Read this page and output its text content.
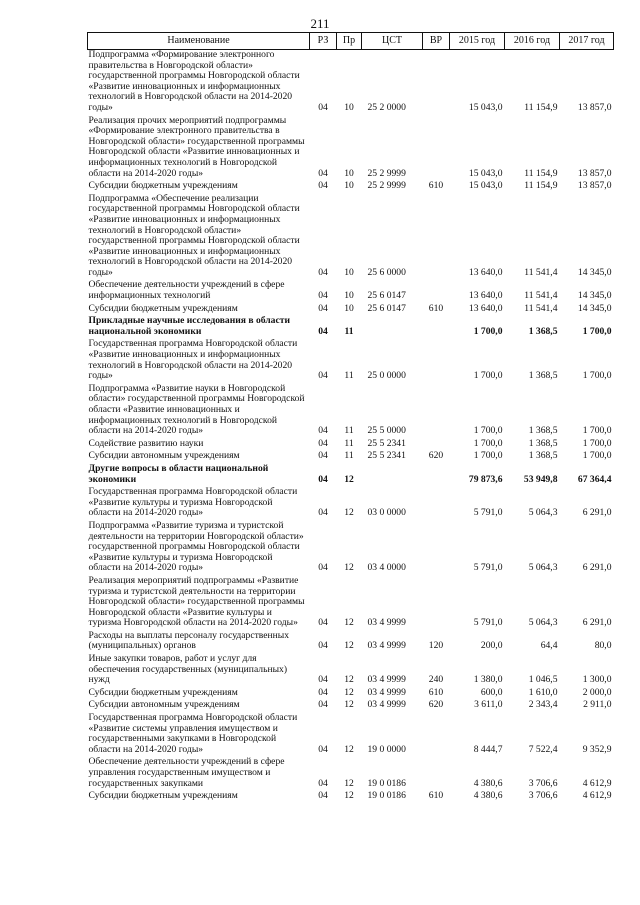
211
Наименование	РЗ	Пр	ЦСТ	ВР	2015 год	2016 год	2017 год
Подпрограмма «Формирование электронного правительства в Новгородской области» государственной программы Новгородской области «Развитие инновационных и информационных технологий в Новгородской области на 2014-2020 годы»	04	10	25 2 0000		15 043,0	11 154,9	13 857,0
Реализация прочих мероприятий подпрограммы «Формирование электронного правительства в Новгородской области» государственной программы Новгородской области «Развитие инновационных и информационных технологий в Новгородской области на 2014-2020 годы»	04	10	25 2 9999		15 043,0	11 154,9	13 857,0
Субсидии бюджетным учреждениям	04	10	25 2 9999	610	15 043,0	11 154,9	13 857,0
Подпрограмма «Обеспечение реализации государственной программы Новгородской области «Развитие инновационных и информационных технологий в Новгородской области» государственной программы Новгородской области «Развитие инновационных и информационных технологий в Новгородской области на 2014-2020 годы»	04	10	25 6 0000		13 640,0	11 541,4	14 345,0
Обеспечение деятельности учреждений в сфере информационных технологий	04	10	25 6 0147		13 640,0	11 541,4	14 345,0
Субсидии бюджетным учреждениям	04	10	25 6 0147	610	13 640,0	11 541,4	14 345,0
Прикладные научные исследования в области национальной экономики	04	11			1 700,0	1 368,5	1 700,0
Государственная программа Новгородской области «Развитие инновационных и информационных технологий в Новгородской области на 2014-2020 годы»	04	11	25 0 0000		1 700,0	1 368,5	1 700,0
Подпрограмма «Развитие науки в Новгородской области» государственной программы Новгородской области «Развитие инновационных и информационных технологий в Новгородской области на 2014-2020 годы»	04	11	25 5 0000		1 700,0	1 368,5	1 700,0
Содействие развитию науки	04	11	25 5 2341		1 700,0	1 368,5	1 700,0
Субсидии автономным учреждениям	04	11	25 5 2341	620	1 700,0	1 368,5	1 700,0
Другие вопросы в области национальной экономики	04	12			79 873,6	53 949,8	67 364,4
Государственная программа Новгородской области «Развитие культуры и туризма Новгородской области на 2014-2020 годы»	04	12	03 0 0000		5 791,0	5 064,3	6 291,0
Подпрограмма «Развитие туризма и туристской деятельности на территории Новгородской области» государственной программы Новгородской области «Развитие культуры и туризма Новгородской области на 2014-2020 годы»	04	12	03 4 0000		5 791,0	5 064,3	6 291,0
Реализация мероприятий подпрограммы «Развитие туризма и туристской деятельности на территории Новгородской области» государственной программы Новгородской области «Развитие культуры и туризма Новгородской области на 2014-2020 годы»	04	12	03 4 9999		5 791,0	5 064,3	6 291,0
Расходы на выплаты персоналу государственных (муниципальных) органов	04	12	03 4 9999	120	200,0	64,4	80,0
Иные закупки товаров, работ и услуг для обеспечения государственных (муниципальных) нужд	04	12	03 4 9999	240	1 380,0	1 046,5	1 300,0
Субсидии бюджетным учреждениям	04	12	03 4 9999	610	600,0	1 610,0	2 000,0
Субсидии автономным учреждениям	04	12	03 4 9999	620	3 611,0	2 343,4	2 911,0
Государственная программа Новгородской области «Развитие системы управления имуществом и государственными закупками в Новгородской области на 2014-2020 годы»	04	12	19 0 0000		8 444,7	7 522,4	9 352,9
Обеспечение деятельности учреждений в сфере управления государственным имуществом и государственных закупками	04	12	19 0 0186		4 380,6	3 706,6	4 612,9
Субсидии бюджетным учреждениям	04	12	19 0 0186	610	4 380,6	3 706,6	4 612,9
